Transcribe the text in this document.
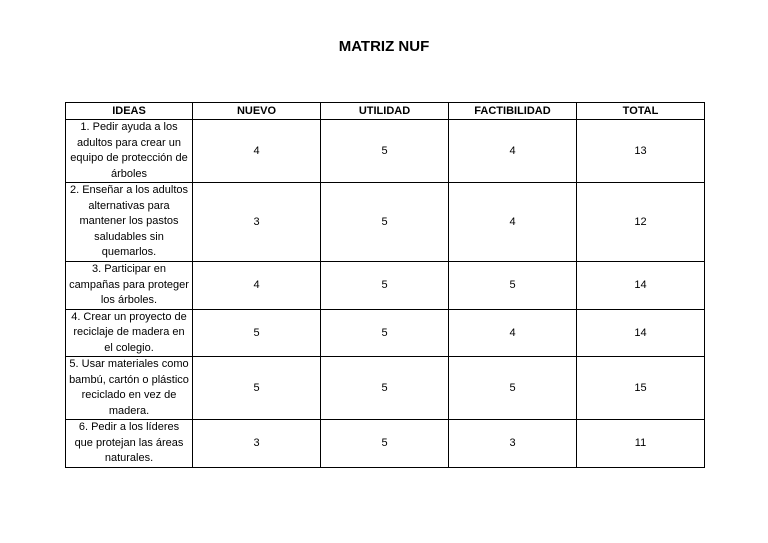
MATRIZ NUF
IDEAS	NUEVO	UTILIDAD	FACTIBILIDAD	TOTAL
1. Pedir ayuda a los adultos para crear un equipo de protección de árboles	4	5	4	13
2. Enseñar a los adultos alternativas para mantener los pastos saludables sin quemarlos.	3	5	4	12
3. Participar en campañas para proteger los árboles.	4	5	5	14
4. Crear un proyecto de reciclaje de madera en el colegio.	5	5	4	14
5. Usar materiales como bambú, cartón o plástico reciclado en vez de madera.	5	5	5	15
6. Pedir a los líderes que protejan las áreas naturales.	3	5	3	11
